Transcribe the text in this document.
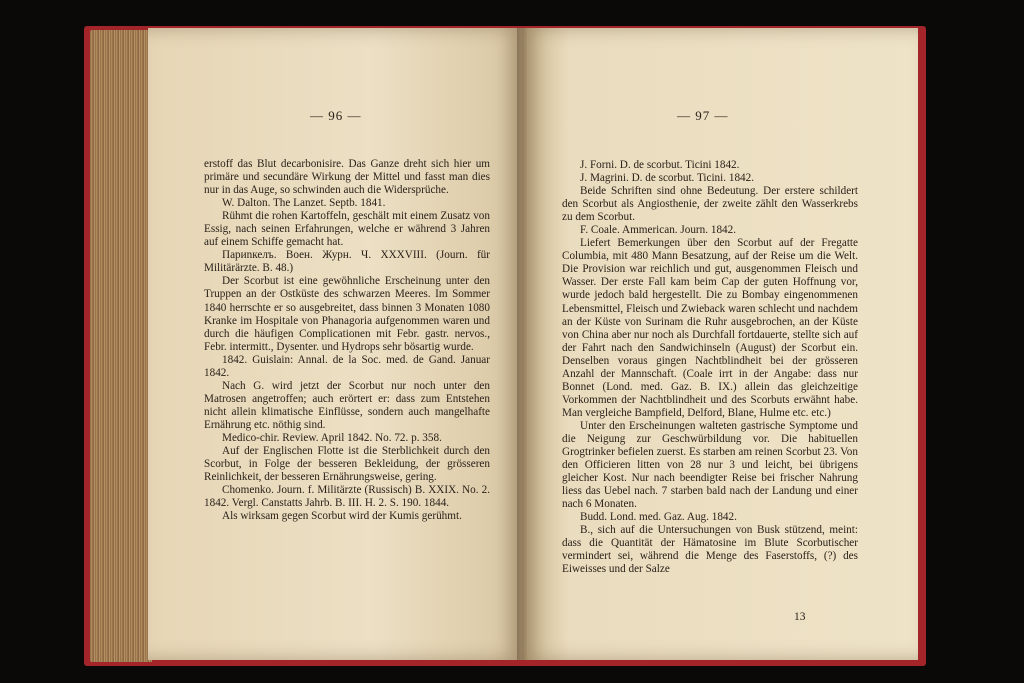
— 96 —

erstoff das Blut decarbonisire. Das Ganze dreht sich hier um primäre und secundäre Wirkung der Mittel und fasst man dies nur in das Auge, so schwinden auch die Widersprüche.

W. Dalton. The Lanzet. Septb. 1841.

Rühmt die rohen Kartoffeln, geschält mit einem Zusatz von Essig, nach seinen Erfahrungen, welche er während 3 Jahren auf einem Schiffe gemacht hat.

Париnкелъ. Воен. Журн. Ч. XXXVIII. (Journ. für Militärärzte. B. 48.)

Der Scorbut ist eine gewöhnliche Erscheinung unter den Truppen an der Ostküste des schwarzen Meeres. Im Sommer 1840 herrschte er so ausgebreitet, dass binnen 3 Monaten 1080 Kranke im Hospitale von Phanagoria aufgenommen waren und durch die häufigen Complicationen mit Febr. gastr. nervos., Febr. intermitt., Dysenter. und Hydrops sehr bösartig wurde.

1842. Guislain: Annal. de la Soc. med. de Gand. Januar 1842.

Nach G. wird jetzt der Scorbut nur noch unter den Matrosen angetroffen; auch erörtert er: dass zum Entstehen nicht allein klimatische Einflüsse, sondern auch mangelhafte Ernährung etc. nöthig sind.

Medico-chir. Review. April 1842. No. 72. p. 358.

Auf der Englischen Flotte ist die Sterblichkeit durch den Scorbut, in Folge der besseren Bekleidung, der grösseren Reinlichkeit, der besseren Ernährungsweise, gering.

Chomenko. Journ. f. Militärzte (Russisch) B. XXIX. No. 2. 1842. Vergl. Canstatts Jahrb. B. III. H. 2. S. 190. 1844.

Als wirksam gegen Scorbut wird der Kumis gerühmt.

— 97 —

J. Forni. D. de scorbut. Ticini 1842.

J. Magrini. D. de scorbut. Ticini. 1842.

Beide Schriften sind ohne Bedeutung. Der erstere schildert den Scorbut als Angiosthenie, der zweite zählt den Wasserkrebs zu dem Scorbut.

F. Coale. Ammerican. Journ. 1842.

Liefert Bemerkungen über den Scorbut auf der Fregatte Columbia, mit 480 Mann Besatzung, auf der Reise um die Welt. Die Provision war reichlich und gut, ausgenommen Fleisch und Wasser. Der erste Fall kam beim Cap der guten Hoffnung vor, wurde jedoch bald hergestellt. Die zu Bombay eingenommenen Lebensmittel, Fleisch und Zwieback waren schlecht und nachdem an der Küste von Surinam die Ruhr ausgebrochen, an der Küste von China aber nur noch als Durchfall fortdauerte, stellte sich auf der Fahrt nach den Sandwichinseln (August) der Scorbut ein. Denselben voraus gingen Nachtblindheit bei der grösseren Anzahl der Mannschaft. (Coale irrt in der Angabe: dass nur Bonnet (Lond. med. Gaz. B. IX.) allein das gleichzeitige Vorkommen der Nachtblindheit und des Scorbuts erwähnt habe. Man vergleiche Bampfield, Delford, Blane, Hulme etc. etc.)

Unter den Erscheinungen walteten gastrische Symptome und die Neigung zur Geschwürbildung vor. Die habituellen Grogtrinker befielen zuerst. Es starben am reinen Scorbut 23. Von den Officieren litten von 28 nur 3 und leicht, bei übrigens gleicher Kost. Nur nach beendigter Reise bei frischer Nahrung liess das Uebel nach. 7 starben bald nach der Landung und einer nach 6 Monaten.

Budd. Lond. med. Gaz. Aug. 1842.

B., sich auf die Untersuchungen von Busk stützend, meint: dass die Quantität der Hämatosine im Blute Scorbutischer vermindert sei, während die Menge des Faserstoffs, (?) des Eiweisses und der Salze

13
